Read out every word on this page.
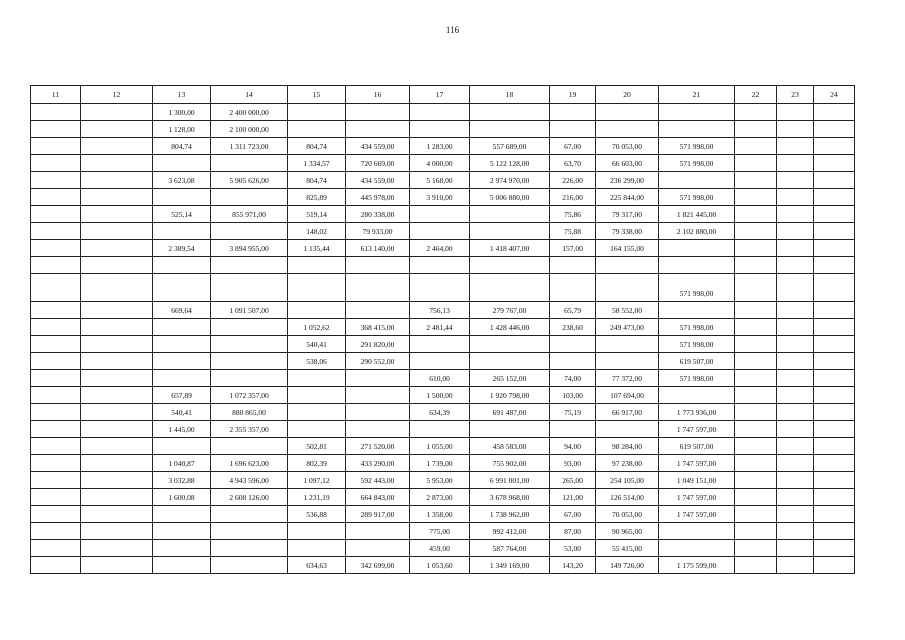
116
11	12	13	14	15	16	17	18	19	20	21	22	23	24
		1 300,00	2 400 000,00										
		1 128,00	2 100 000,00										
		804,74	1 311 723,00	804,74	434 559,00	1 283,00	557 689,00	67,00	70 053,00	571 998,00			
				1 334,57	720 669,00	4 000,00	5 122 128,00	63,70	66 603,00	571 998,00			
		3 623,08	5 905 626,00	804,74	434 559,00	5 168,00	2 974 970,00	226,00	236 299,00				
				825,89	445 978,00	3 910,00	5 006 880,00	216,00	225 844,00	571 998,00			
		525,14	855 971,00	519,14	280 338,00			75,86	79 317,00	1 821 445,00			
				148,02	79 933,00			75,88	79 338,00	2 102 880,00			
		2 389,54	3 894 955,00	1 135,44	613 140,00	2 464,00	1 418 407,00	157,00	164 155,00				

										571 998,00			
		669,64	1 091 507,00			756,13	279 767,00	65,79	58 552,00				
				1 052,62	368 415,00	2 481,44	1 428 446,00	238,60	249 473,00	571 998,00			
				540,41	291 820,00					571 998,00			
				538,06	290 552,00					619 507,00			
						610,00	265 152,00	74,00	77 372,00	571 998,00			
		657,89	1 072 357,00			1 500,00	1 920 798,00	103,00	107 694,00				
		540,41	880 865,00			634,39	691 487,00	75,19	66 917,00	1 773 936,00			
		1 445,00	2 355 357,00							1 747 597,00			
				502,81	271 520,00	1 055,00	458 583,00	94,00	98 284,00	619 507,00			
		1 040,87	1 696 623,00	802,39	433 290,00	1 739,00	755 902,00	93,00	97 238,00	1 747 597,00			
		3 032,88	4 943 596,00	1 097,12	592 443,00	5 953,00	6 991 001,00	265,00	254 105,00	1 049 151,00			
		1 600,08	2 608 126,00	1 231,19	664 843,00	2 873,00	3 678 968,00	121,00	126 514,00	1 747 597,00			
				536,88	289 917,00	1 358,00	1 738 962,00	67,00	70 053,00	1 747 597,00			
						775,00	992 412,00	87,00	90 965,00				
						459,00	587 764,00	53,00	55 415,00				
				634,63	342 699,00	1 053,60	1 349 169,00	143,20	149 726,00	1 175 599,00			
